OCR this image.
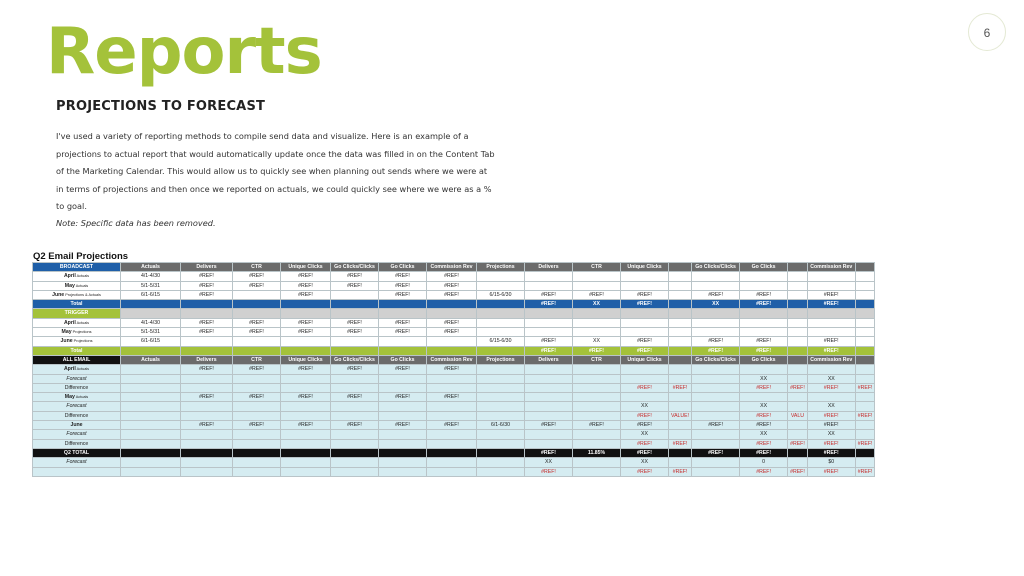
Reports	6
PROJECTIONS TO FORECAST
I've used a variety of reporting methods to compile send data and visualize. Here is an example of a projections to actual report that would automatically update once the data was filled in on the Content Tab of the Marketing Calendar. This would allow us to quickly see when planning out sends where we were at in terms of projections and then once we reported on actuals, we could quickly see where we were as a % to goal.
Note: Specific data has been removed.
Q2 Email Projections
BROADCAST	Actuals	Delivers	CTR	Unique Clicks	Go Clicks/Clicks	Go Clicks	Commission Rev	Projections	Delivers	CTR	Unique Clicks		Go Clicks/Clicks	Go Clicks		Commission Rev	
April Actuals	4/1-4/30	#REF!	#REF!	#REF!	#REF!	#REF!	#REF!										
May Actuals	5/1-5/31	#REF!	#REF!	#REF!	#REF!	#REF!	#REF!										
June Projections & Actuals	6/1-6/15	#REF!		#REF!		#REF!	#REF!	6/15-6/30	#REF!	#REF!	#REF!		#REF!	#REF!		#REF!	
Total									#REF!	XX	#REF!		XX	#REF!		#REF!	
TRIGGER																	
April Actuals	4/1-4/30	#REF!	#REF!	#REF!	#REF!	#REF!	#REF!										
May Projections	5/1-5/31	#REF!	#REF!	#REF!	#REF!	#REF!	#REF!										
June Projections	6/1-6/15							6/15-6/30	#REF!	XX	#REF!		#REF!	#REF!		#REF!	
Total									#REF!	#REF!	#REF!		#REF!	#REF!		#REF!	
ALL EMAIL	Actuals	Delivers	CTR	Unique Clicks	Go Clicks/Clicks	Go Clicks	Commission Rev	Projections	Delivers	CTR	Unique Clicks		Go Clicks/Clicks	Go Clicks		Commission Rev	
April Actuals		#REF!	#REF!	#REF!	#REF!	#REF!	#REF!										
Forecast														XX		XX	
Difference											#REF!	#REF!		#REF!	#REF!	#REF!	#REF!
May Actuals		#REF!	#REF!	#REF!	#REF!	#REF!	#REF!										
Forecast											XX			XX		XX	
Difference											#REF!	VALUE!		#REF!	VALU	#REF!	#REF!
June		#REF!	#REF!	#REF!	#REF!	#REF!	#REF!	6/1-6/30	#REF!	#REF!	#REF!		#REF!	#REF!		#REF!	
Forecast											XX			XX		XX	
Difference											#REF!	#REF!		#REF!	#REF!	#REF!	#REF!
Q2 TOTAL									#REF!	11.85%	#REF!		#REF!	#REF!		#REF!	
Forecast									XX		XX			0		$0	
									#REF!		#REF!	#REF!		#REF!	#REF!	#REF!	#REF!
